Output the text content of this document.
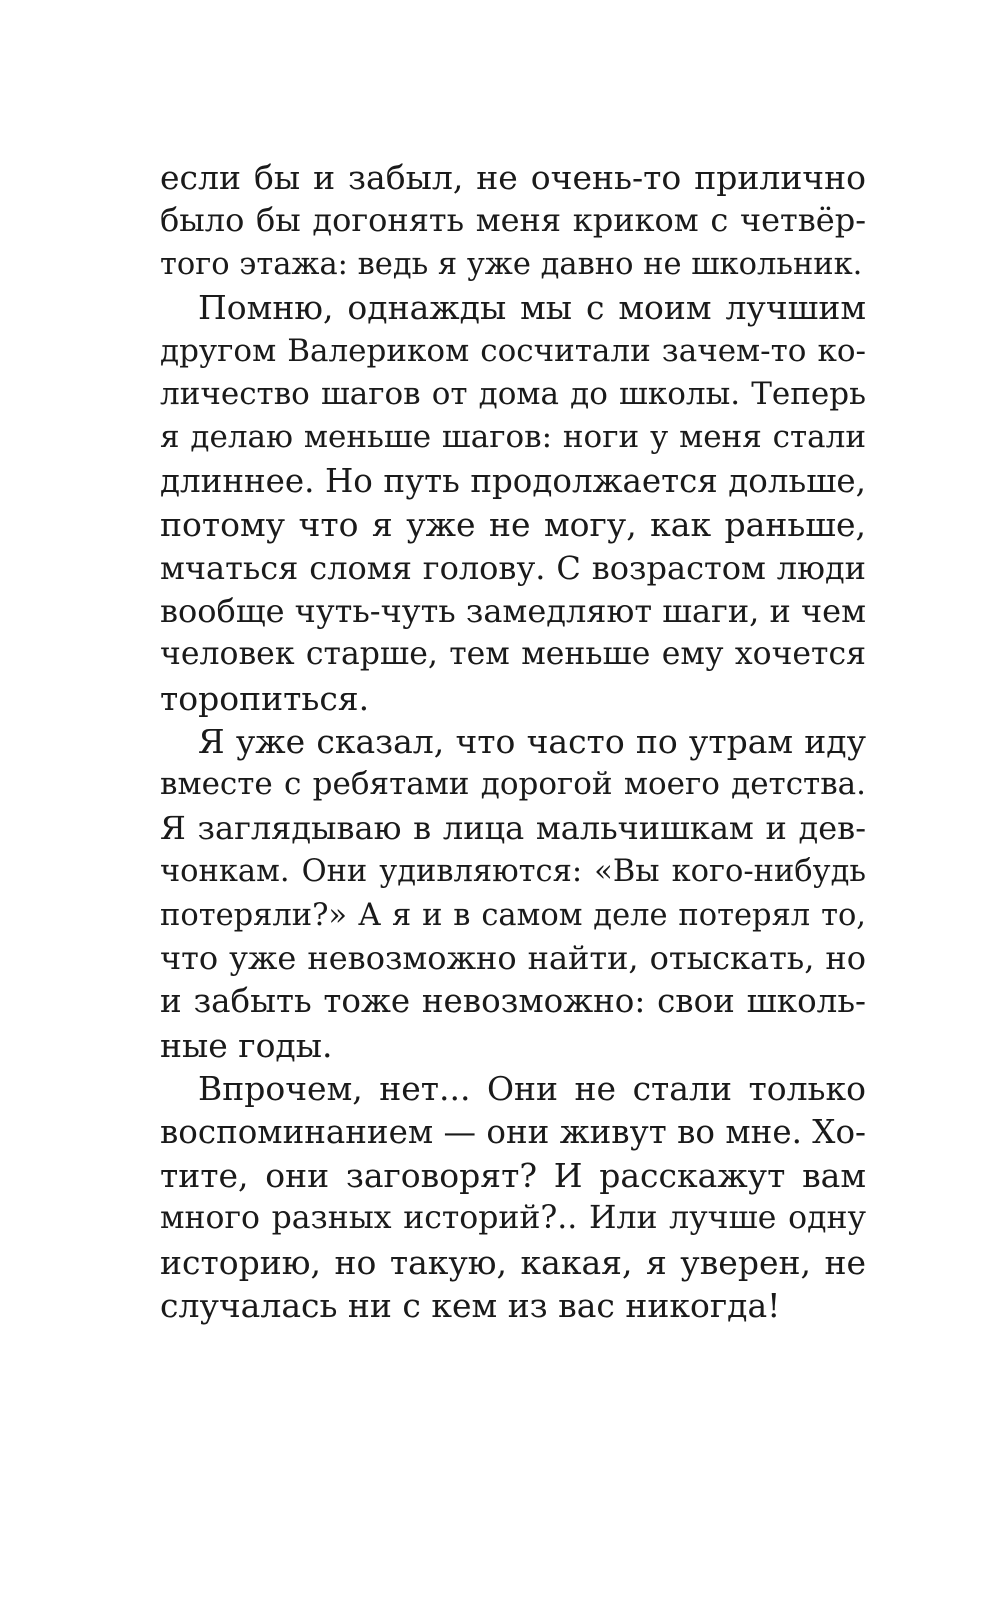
если бы и забыл, не очень-то прилично
было бы догонять меня криком с четвёр-
того этажа: ведь я уже давно не школьник.
Помню, однажды мы с моим лучшим
другом Валериком сосчитали зачем-то ко-
личество шагов от дома до школы. Теперь
я делаю меньше шагов: ноги у меня стали
длиннее. Но путь продолжается дольше,
потому что я уже не могу, как раньше,
мчаться сломя голову. С возрастом люди
вообще чуть-чуть замедляют шаги, и чем
человек старше, тем меньше ему хочется
торопиться.
Я уже сказал, что часто по утрам иду
вместе с ребятами дорогой моего детства.
Я заглядываю в лица мальчишкам и дев-
чонкам. Они удивляются: «Вы кого-нибудь
потеряли?» А я и в самом деле потерял то,
что уже невозможно найти, отыскать, но
и забыть тоже невозможно: свои школь-
ные годы.
Впрочем, нет... Они не стали только
воспоминанием — они живут во мне. Хо-
тите, они заговорят? И расскажут вам
много разных историй?.. Или лучше одну
историю, но такую, какая, я уверен, не
случалась ни с кем из вас никогда!
